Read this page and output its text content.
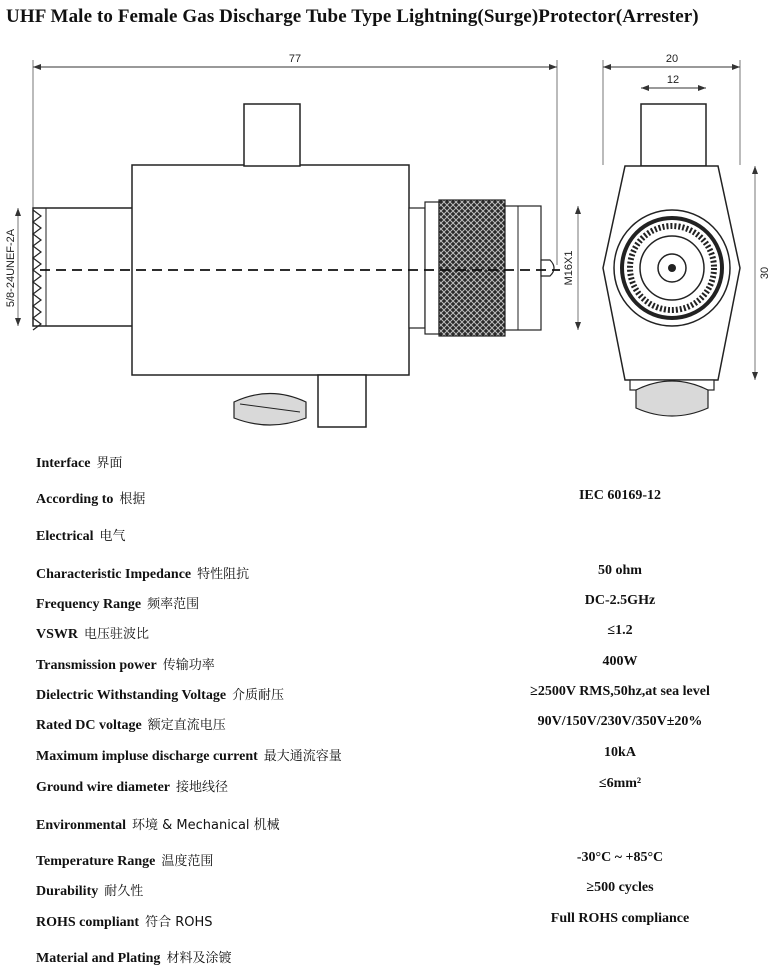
UHF Male to Female Gas Discharge Tube Type Lightning(Surge)Protector(Arrester)
77
5/8-24UNEF-2A	M16X1
20
12
30
Interface 界面
According to 根据	IEC 60169-12
Electrical 电气
Characteristic Impedance 特性阻抗	50 ohm
Frequency Range 频率范围	DC-2.5GHz
VSWR 电压驻波比	≤1.2
Transmission power 传输功率	400W
Dielectric Withstanding Voltage 介质耐压	≥2500V RMS,50hz,at sea level
Rated DC voltage 额定直流电压	90V/150V/230V/350V±20%
Maximum impluse discharge current 最大通流容量	10kA
Ground wire diameter 接地线径	≤6mm²
Environmental 环境 & Mechanical 机械
Temperature Range 温度范围	-30°C ~ +85°C
Durability 耐久性	≥500 cycles
ROHS compliant 符合 ROHS	Full ROHS compliance
Material and Plating 材料及涂镀
